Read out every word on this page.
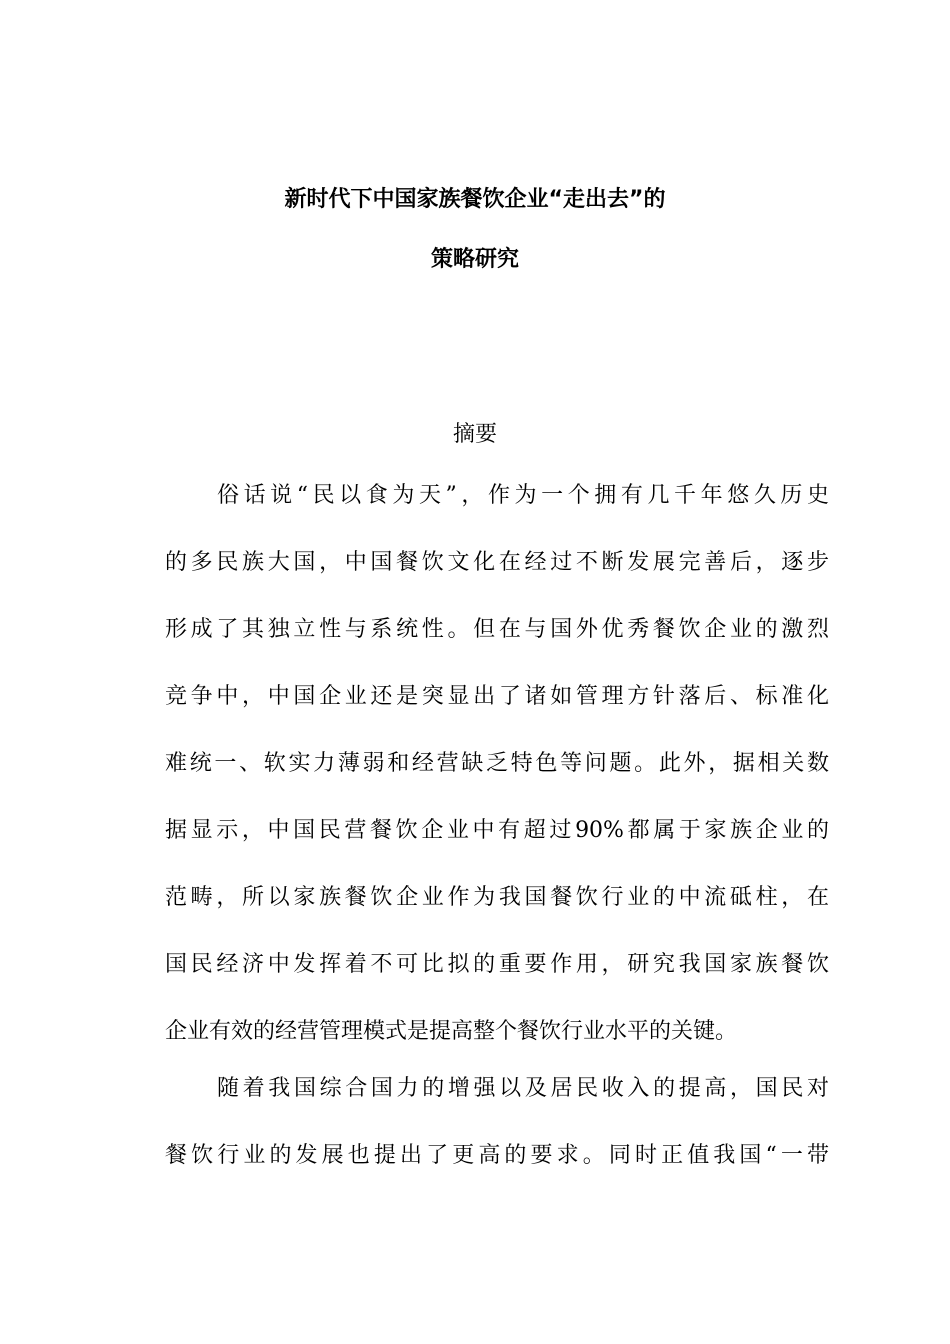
新时代下中国家族餐饮企业“走出去”的
策略研究
摘要
俗话说“民以食为天”，作为一个拥有几千年悠久历史
的多民族大国，中国餐饮文化在经过不断发展完善后，逐步
形成了其独立性与系统性。但在与国外优秀餐饮企业的激烈
竞争中，中国企业还是突显出了诸如管理方针落后、标准化
难统一、软实力薄弱和经营缺乏特色等问题。此外，据相关数
据显示，中国民营餐饮企业中有超过90%都属于家族企业的
范畴，所以家族餐饮企业作为我国餐饮行业的中流砥柱，在
国民经济中发挥着不可比拟的重要作用，研究我国家族餐饮
企业有效的经营管理模式是提高整个餐饮行业水平的关键。
随着我国综合国力的增强以及居民收入的提高，国民对
餐饮行业的发展也提出了更高的要求。同时正值我国“一带
